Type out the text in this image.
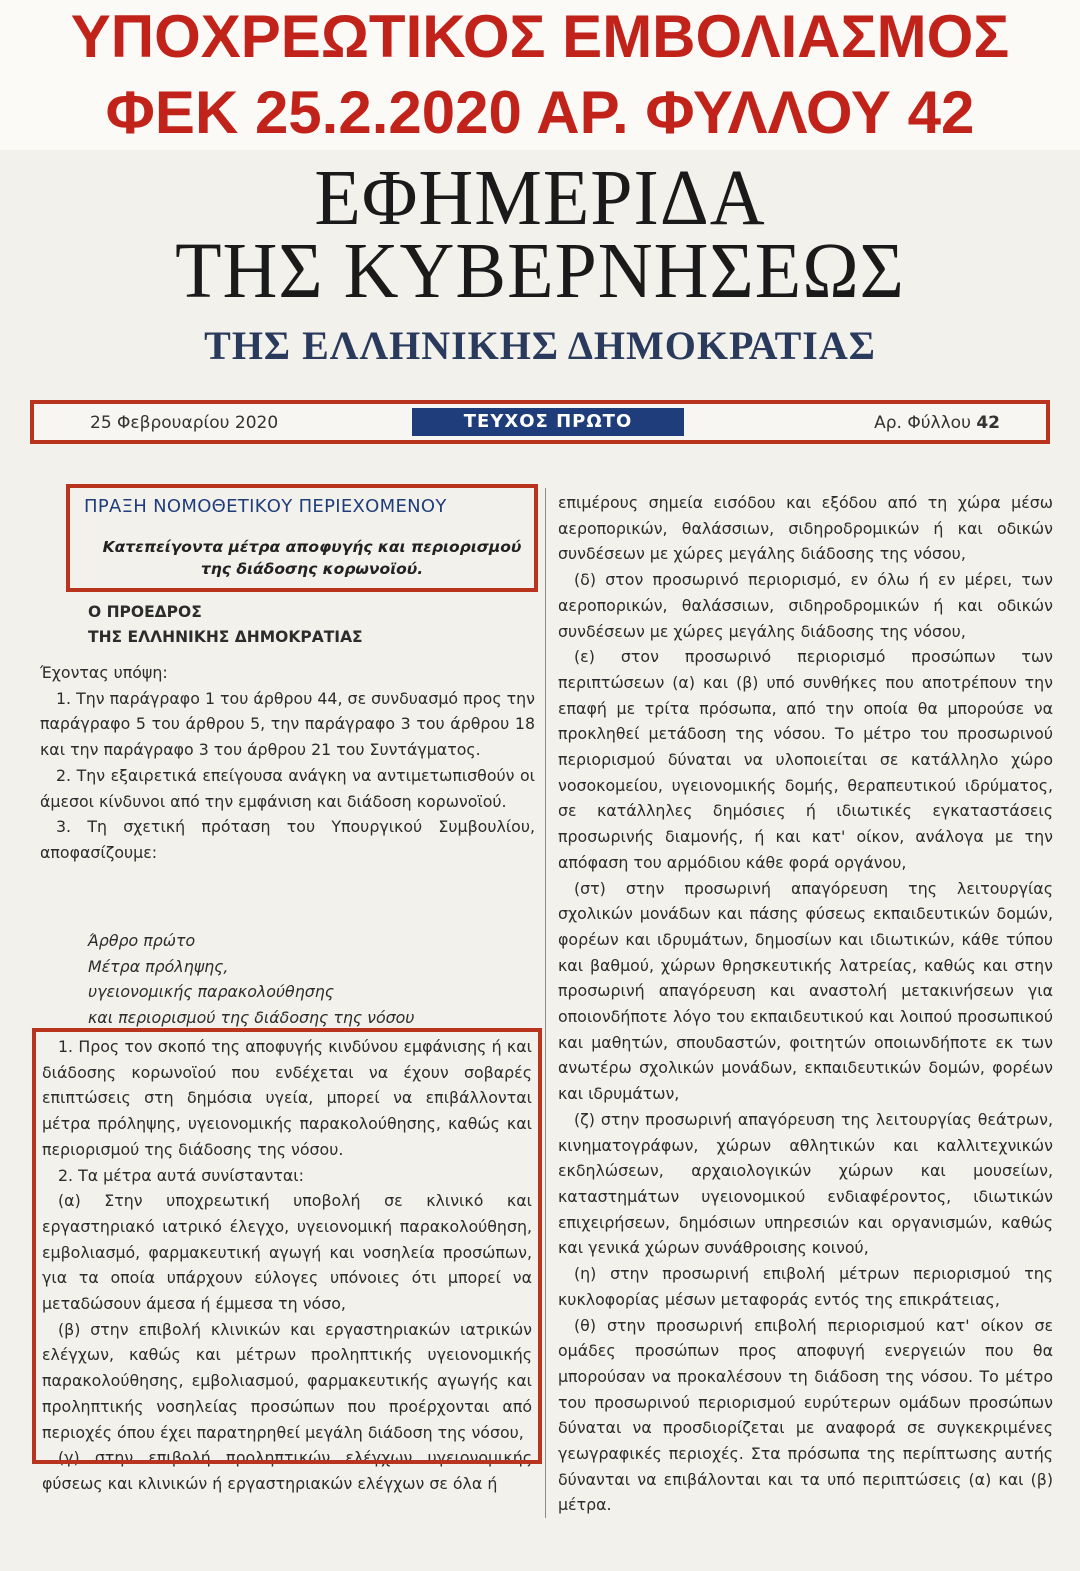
ΥΠΟΧΡΕΩΤΙΚΟΣ ΕΜΒΟΛΙΑΣΜΟΣ
ΦΕΚ 25.2.2020 ΑΡ. ΦΥΛΛΟΥ 42
ΕΦΗΜΕΡΙΔΑ
ΤΗΣ ΚΥΒΕΡΝΗΣΕΩΣ
ΤΗΣ ΕΛΛΗΝΙΚΗΣ ΔΗΜΟΚΡΑΤΙΑΣ
25 Φεβρουαρίου 2020	ΤΕΥΧΟΣ ΠΡΩΤΟ	Αρ. Φύλλου 42
ΠΡΑΞΗ ΝΟΜΟΘΕΤΙΚΟΥ ΠΕΡΙΕΧΟΜΕΝΟΥ
Κατεπείγοντα μέτρα αποφυγής και περιορισμού της διάδοσης κορωνοϊού.
Ο ΠΡΟΕΔΡΟΣ
ΤΗΣ ΕΛΛΗΝΙΚΗΣ ΔΗΜΟΚΡΑΤΙΑΣ

Έχοντας υπόψη:

1. Την παράγραφο 1 του άρθρου 44, σε συνδυασμό προς την παράγραφο 5 του άρθρου 5, την παράγραφο 3 του άρθρου 18 και την παράγραφο 3 του άρθρου 21 του Συντάγματος.

2. Την εξαιρετικά επείγουσα ανάγκη να αντιμετωπισθούν οι άμεσοι κίνδυνοι από την εμφάνιση και διάδοση κορωνοϊού.

3. Τη σχετική πρόταση του Υπουργικού Συμβουλίου, αποφασίζουμε:

Άρθρο πρώτο
Μέτρα πρόληψης,
υγειονομικής παρακολούθησης
και περιορισμού της διάδοσης της νόσου

1. Προς τον σκοπό της αποφυγής κινδύνου εμφάνισης ή και διάδοσης κορωνοϊού που ενδέχεται να έχουν σοβαρές επιπτώσεις στη δημόσια υγεία, μπορεί να επιβάλλονται μέτρα πρόληψης, υγειονομικής παρακολούθησης, καθώς και περιορισμού της διάδοσης της νόσου.

2. Τα μέτρα αυτά συνίστανται:

(α) Στην υποχρεωτική υποβολή σε κλινικό και εργαστηριακό ιατρικό έλεγχο, υγειονομική παρακολούθηση, εμβολιασμό, φαρμακευτική αγωγή και νοσηλεία προσώπων, για τα οποία υπάρχουν εύλογες υπόνοιες ότι μπορεί να μεταδώσουν άμεσα ή έμμεσα τη νόσο,

(β) στην επιβολή κλινικών και εργαστηριακών ιατρικών ελέγχων, καθώς και μέτρων προληπτικής υγειονομικής παρακολούθησης, εμβολιασμού, φαρμακευτικής αγωγής και προληπτικής νοσηλείας προσώπων που προέρχονται από περιοχές όπου έχει παρατηρηθεί μεγάλη διάδοση της νόσου,

(γ) στην επιβολή προληπτικών ελέγχων υγειονομικής φύσεως και κλινικών ή εργαστηριακών ελέγχων σε όλα ή

επιμέρους σημεία εισόδου και εξόδου από τη χώρα μέσω αεροπορικών, θαλάσσιων, σιδηροδρομικών ή και οδικών συνδέσεων με χώρες μεγάλης διάδοσης της νόσου,

(δ) στον προσωρινό περιορισμό, εν όλω ή εν μέρει, των αεροπορικών, θαλάσσιων, σιδηροδρομικών ή και οδικών συνδέσεων με χώρες μεγάλης διάδοσης της νόσου,

(ε) στον προσωρινό περιορισμό προσώπων των περιπτώσεων (α) και (β) υπό συνθήκες που αποτρέπουν την επαφή με τρίτα πρόσωπα, από την οποία θα μπορούσε να προκληθεί μετάδοση της νόσου. Το μέτρο του προσωρινού περιορισμού δύναται να υλοποιείται σε κατάλληλο χώρο νοσοκομείου, υγειονομικής δομής, θεραπευτικού ιδρύματος, σε κατάλληλες δημόσιες ή ιδιωτικές εγκαταστάσεις προσωρινής διαμονής, ή και κατ' οίκον, ανάλογα με την απόφαση του αρμόδιου κάθε φορά οργάνου,

(στ) στην προσωρινή απαγόρευση της λειτουργίας σχολικών μονάδων και πάσης φύσεως εκπαιδευτικών δομών, φορέων και ιδρυμάτων, δημοσίων και ιδιωτικών, κάθε τύπου και βαθμού, χώρων θρησκευτικής λατρείας, καθώς και στην προσωρινή απαγόρευση και αναστολή μετακινήσεων για οποιονδήποτε λόγο του εκπαιδευτικού και λοιπού προσωπικού και μαθητών, σπουδαστών, φοιτητών οποιωνδήποτε εκ των ανωτέρω σχολικών μονάδων, εκπαιδευτικών δομών, φορέων και ιδρυμάτων,

(ζ) στην προσωρινή απαγόρευση της λειτουργίας θεάτρων, κινηματογράφων, χώρων αθλητικών και καλλιτεχνικών εκδηλώσεων, αρχαιολογικών χώρων και μουσείων, καταστημάτων υγειονομικού ενδιαφέροντος, ιδιωτικών επιχειρήσεων, δημόσιων υπηρεσιών και οργανισμών, καθώς και γενικά χώρων συνάθροισης κοινού,

(η) στην προσωρινή επιβολή μέτρων περιορισμού της κυκλοφορίας μέσων μεταφοράς εντός της επικράτειας,

(θ) στην προσωρινή επιβολή περιορισμού κατ' οίκον σε ομάδες προσώπων προς αποφυγή ενεργειών που θα μπορούσαν να προκαλέσουν τη διάδοση της νόσου. Το μέτρο του προσωρινού περιορισμού ευρύτερων ομάδων προσώπων δύναται να προσδιορίζεται με αναφορά σε συγκεκριμένες γεωγραφικές περιοχές. Στα πρόσωπα της περίπτωσης αυτής δύνανται να επιβάλονται και τα υπό περιπτώσεις (α) και (β) μέτρα.
